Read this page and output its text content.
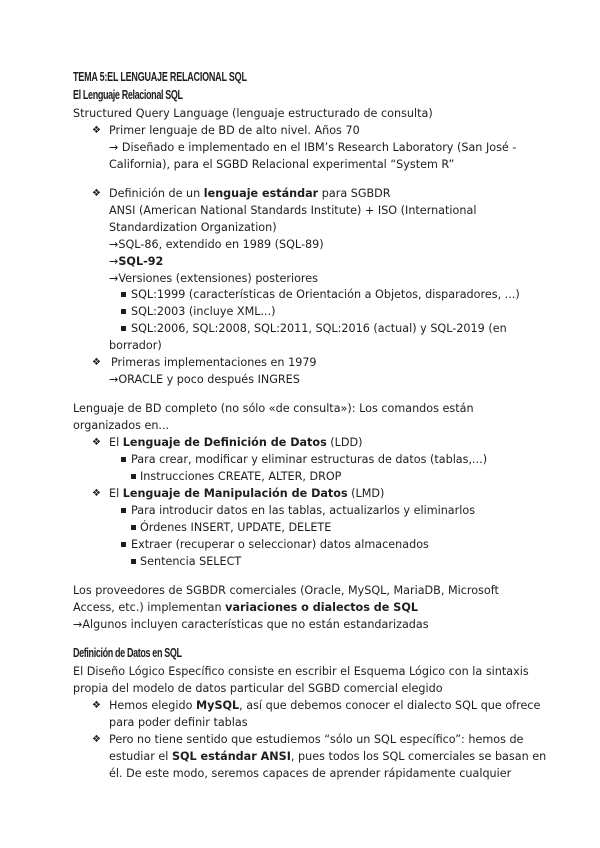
TEMA 5:EL LENGUAJE RELACIONAL SQL
El Lenguaje Relacional SQL
Structured Query Language (lenguaje estructurado de consulta)
❖ Primer lenguaje de BD de alto nivel. Años 70
→ Diseñado e implementado en el IBM’s Research Laboratory (San José -
California), para el SGBD Relacional experimental “System R”
❖ Definición de un lenguaje estándar para SGBDR
ANSI (American National Standards Institute) + ISO (International
Standardization Organization)
→SQL-86, extendido en 1989 (SQL-89)
→SQL-92
→Versiones (extensiones) posteriores
SQL:1999 (características de Orientación a Objetos, disparadores, ...)
SQL:2003 (incluye XML...)
SQL:2006, SQL:2008, SQL:2011, SQL:2016 (actual) y SQL-2019 (en
borrador)
❖ Primeras implementaciones en 1979
→ORACLE y poco después INGRES
Lenguaje de BD completo (no sólo «de consulta»): Los comandos están
organizados en...
❖ El Lenguaje de Definición de Datos (LDD)
Para crear, modificar y eliminar estructuras de datos (tablas,...)
Instrucciones CREATE, ALTER, DROP
❖ El Lenguaje de Manipulación de Datos (LMD)
Para introducir datos en las tablas, actualizarlos y eliminarlos
Órdenes INSERT, UPDATE, DELETE
Extraer (recuperar o seleccionar) datos almacenados
Sentencia SELECT
Los proveedores de SGBDR comerciales (Oracle, MySQL, MariaDB, Microsoft
Access, etc.) implementan variaciones o dialectos de SQL
→Algunos incluyen características que no están estandarizadas
Definición de Datos en SQL
El Diseño Lógico Específico consiste en escribir el Esquema Lógico con la sintaxis
propia del modelo de datos particular del SGBD comercial elegido
❖ Hemos elegido MySQL, así que debemos conocer el dialecto SQL que ofrece
para poder definir tablas
❖ Pero no tiene sentido que estudiemos “sólo un SQL específico”: hemos de
estudiar el SQL estándar ANSI, pues todos los SQL comerciales se basan en
él. De este modo, seremos capaces de aprender rápidamente cualquier
